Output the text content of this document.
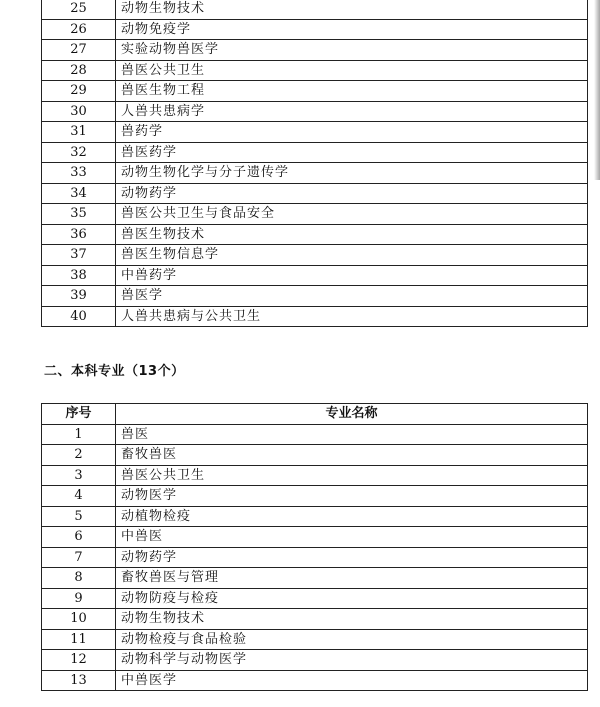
25	动物生物技术
26	动物免疫学
27	实验动物兽医学
28	兽医公共卫生
29	兽医生物工程
30	人兽共患病学
31	兽药学
32	兽医药学
33	动物生物化学与分子遗传学
34	动物药学
35	兽医公共卫生与食品安全
36	兽医生物技术
37	兽医生物信息学
38	中兽药学
39	兽医学
40	人兽共患病与公共卫生
二、本科专业（13个）
序号	专业名称
1	兽医
2	畜牧兽医
3	兽医公共卫生
4	动物医学
5	动植物检疫
6	中兽医
7	动物药学
8	畜牧兽医与管理
9	动物防疫与检疫
10	动物生物技术
11	动物检疫与食品检验
12	动物科学与动物医学
13	中兽医学
